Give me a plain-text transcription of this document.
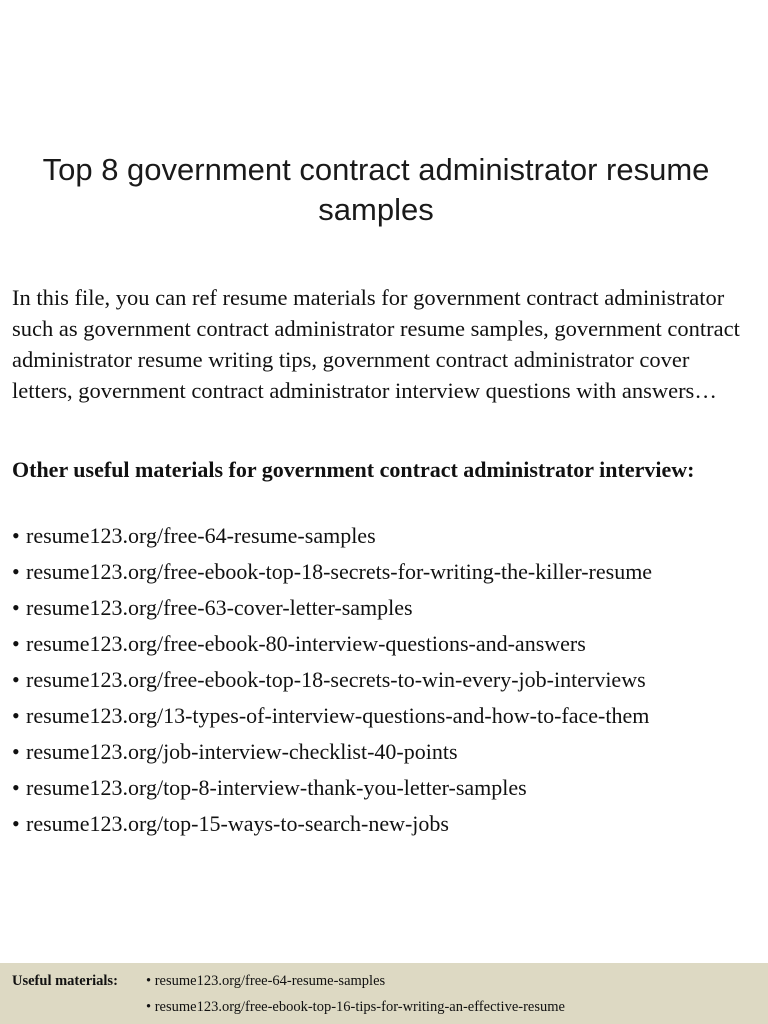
Top 8 government contract administrator resume samples

In this file, you can ref resume materials for government contract administrator such as government contract administrator resume samples, government contract administrator resume writing tips, government contract administrator cover letters, government contract administrator interview questions with answers…

Other useful materials for government contract administrator interview:
• resume123.org/free-64-resume-samples
• resume123.org/free-ebook-top-18-secrets-for-writing-the-killer-resume
• resume123.org/free-63-cover-letter-samples
• resume123.org/free-ebook-80-interview-questions-and-answers
• resume123.org/free-ebook-top-18-secrets-to-win-every-job-interviews
• resume123.org/13-types-of-interview-questions-and-how-to-face-them
• resume123.org/job-interview-checklist-40-points
• resume123.org/top-8-interview-thank-you-letter-samples
• resume123.org/top-15-ways-to-search-new-jobs
Useful materials: • resume123.org/free-64-resume-samples
• resume123.org/free-ebook-top-16-tips-for-writing-an-effective-resume
